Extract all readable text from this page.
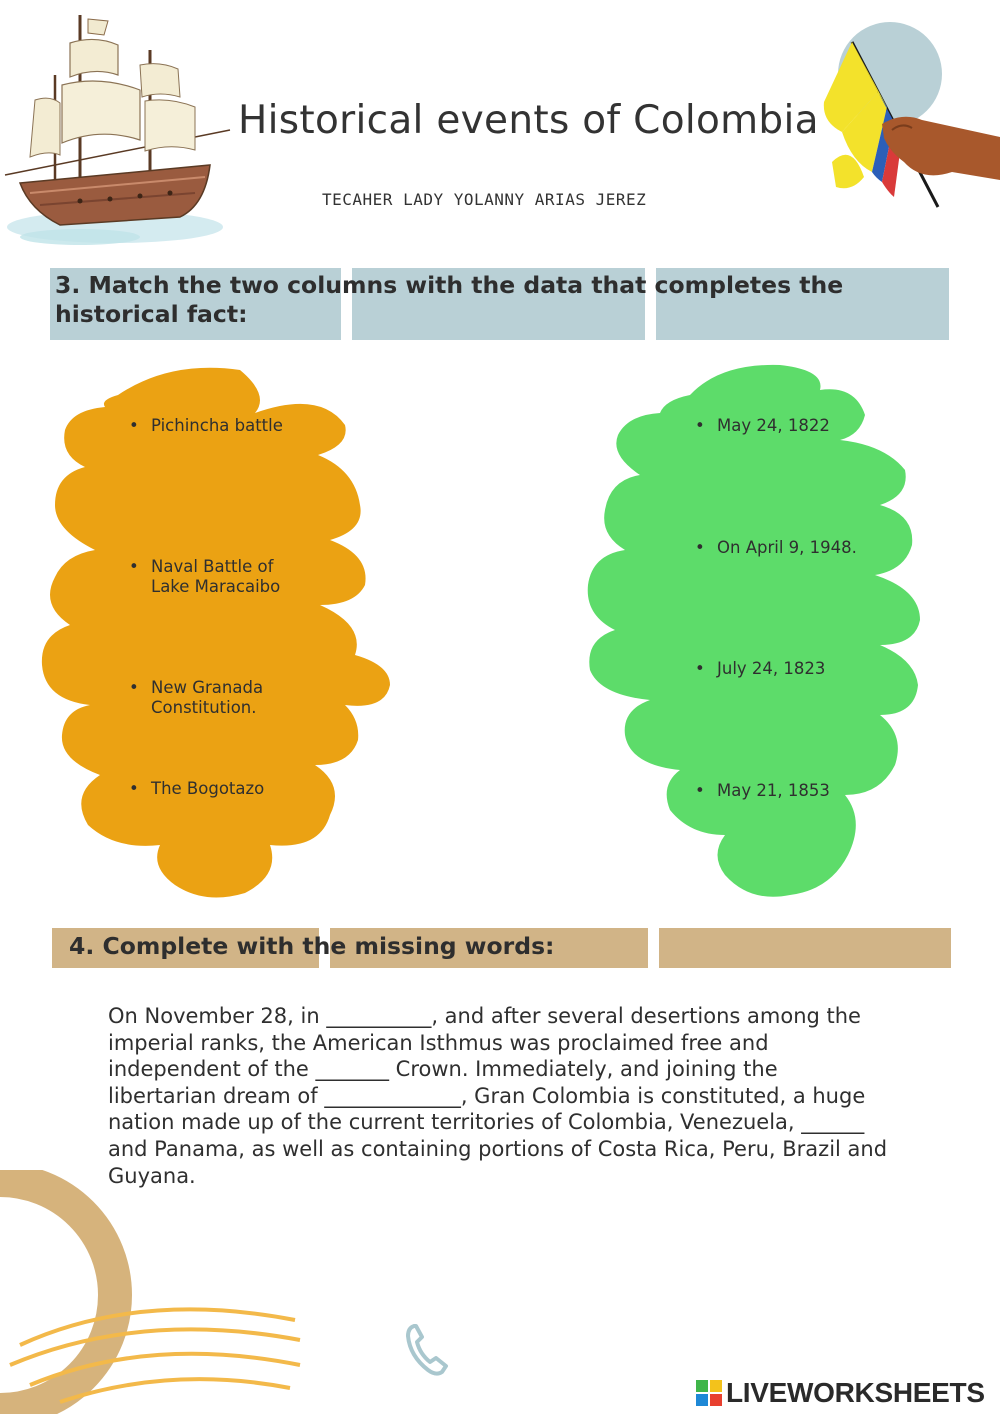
Historical events of Colombia
TECAHER LADY YOLANNY ARIAS JEREZ
3. Match the two columns with the data that completes the historical fact:
• Pichincha battle
• Naval Battle of
Lake Maracaibo
• New Granada
Constitution.
• The Bogotazo
• May 24, 1822
• On April 9, 1948.
• July 24, 1823
• May 21, 1853
4. Complete with the missing words:
On November 28, in __________, and after several desertions among the
imperial ranks, the American Isthmus was proclaimed free and
independent of the _______ Crown. Immediately, and joining the
libertarian dream of _____________, Gran Colombia is constituted, a huge
nation made up of the current territories of Colombia, Venezuela, ______
and Panama, as well as containing portions of Costa Rica, Peru, Brazil and
Guyana.
LIVEWORKSHEETS
